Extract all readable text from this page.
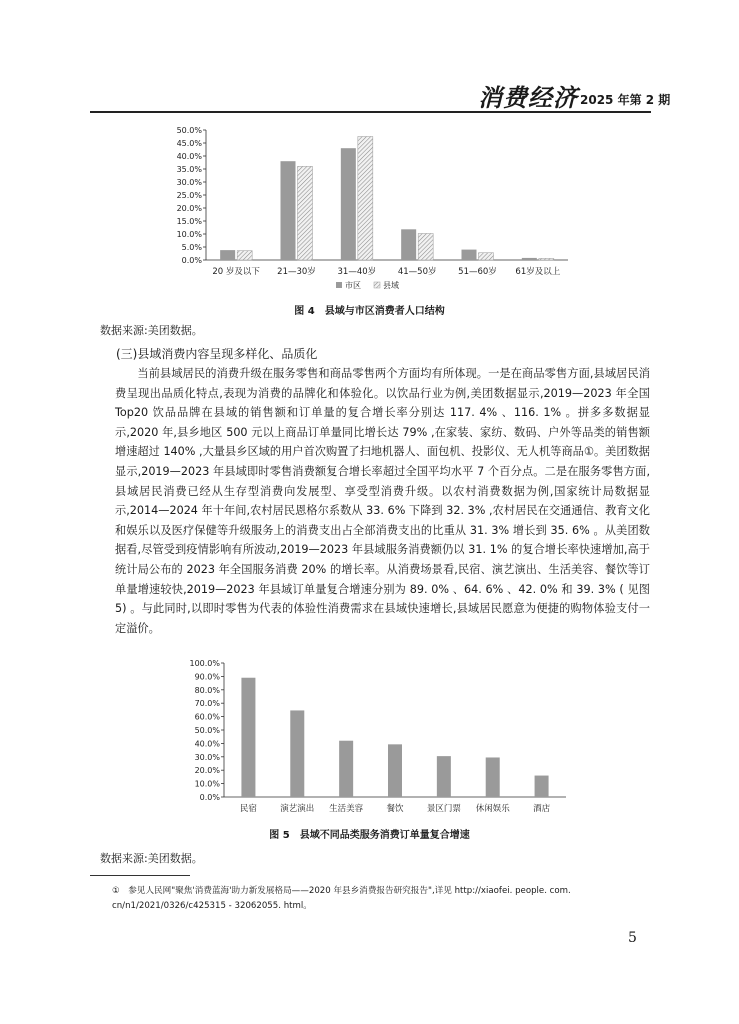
消费经济 2025 年第 2 期
0.0%
5.0%
10.0%
15.0%
20.0%
25.0%
30.0%
35.0%
40.0%
45.0%
50.0%
20 岁及以下 21—30岁	31—40岁	41—50岁	51—60岁 61岁及以上
市区	县域
图 4　县域与市区消费者人口结构
数据来源:美团数据。
(三)县域消费内容呈现多样化、品质化
当前县域居民的消费升级在服务零售和商品零售两个方面均有所体现。一是在商品零售方面,县域居民消费呈现出品质化特点,表现为消费的品牌化和体验化。以饮品行业为例,美团数据显示,2019—2023 年全国 Top20 饮品品牌在县域的销售额和订单量的复合增长率分别达 117. 4% 、116. 1% 。拼多多数据显示,2020 年,县乡地区 500 元以上商品订单量同比增长达 79% ,在家装、家纺、数码、户外等品类的销售额增速超过 140% ,大量县乡区域的用户首次购置了扫地机器人、面包机、投影仪、无人机等商品①。美团数据显示,2019—2023 年县域即时零售消费额复合增长率超过全国平均水平 7 个百分点。二是在服务零售方面,县域居民消费已经从生存型消费向发展型、享受型消费升级。以农村消费数据为例,国家统计局数据显示,2014—2024 年十年间,农村居民恩格尔系数从 33. 6% 下降到 32. 3% ,农村居民在交通通信、教育文化和娱乐以及医疗保健等升级服务上的消费支出占全部消费支出的比重从 31. 3% 增长到 35. 6% 。从美团数据看,尽管受到疫情影响有所波动,2019—2023 年县域服务消费额仍以 31. 1% 的复合增长率快速增加,高于统计局公布的 2023 年全国服务消费 20% 的增长率。从消费场景看,民宿、演艺演出、生活美容、餐饮等订单量增速较快,2019—2023 年县域订单量复合增速分别为 89. 0% 、64. 6% 、42. 0% 和 39. 3% ( 见图 5) 。与此同时,以即时零售为代表的体验性消费需求在县域快速增长,县域居民愿意为便捷的购物体验支付一定溢价。
0.0%
10.0%
20.0%
30.0%
40.0%
50.0%
60.0%
70.0%
80.0%
90.0%
100.0%
民宿	演艺演出 生活美容	餐饮	景区门票 休闲娱乐	酒店
图 5　县域不同品类服务消费订单量复合增速
数据来源:美团数据。
①　参见人民网"聚焦'消费蓝海'助力新发展格局——2020 年县乡消费报告研究报告",详见 http://xiaofei. people. com. cn/n1/2021/0326/c425315 - 32062055. html。
5
